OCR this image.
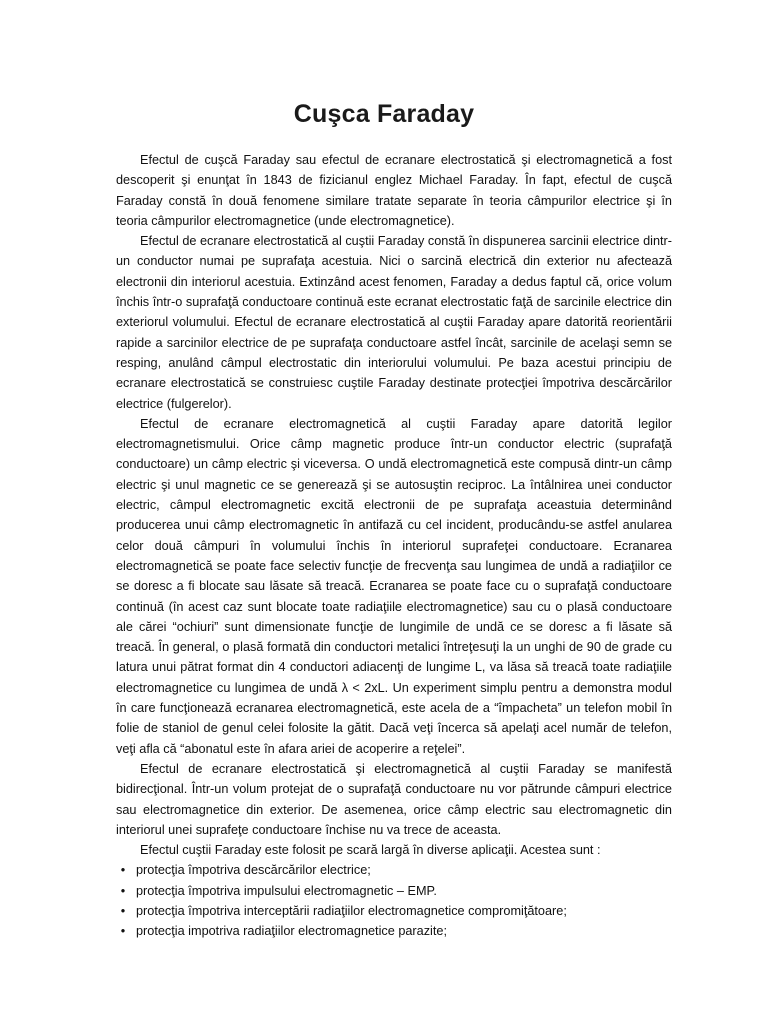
Cuşca Faraday

Efectul de cuşcă Faraday sau efectul de ecranare electrostatică şi electromagnetică a fost descoperit şi enunţat în 1843 de fizicianul englez Michael Faraday. În fapt, efectul de cuşcă Faraday constă în două fenomene similare tratate separate în teoria câmpurilor electrice şi în teoria câmpurilor electromagnetice (unde electromagnetice).

Efectul de ecranare electrostatică al cuştii Faraday constă în dispunerea sarcinii electrice dintr-un conductor numai pe suprafaţa acestuia. Nici o sarcină electrică din exterior nu afectează electronii din interiorul acestuia. Extinzând acest fenomen, Faraday a dedus faptul că, orice volum închis într-o suprafaţă conductoare continuă este ecranat electrostatic faţă de sarcinile electrice din exteriorul volumului. Efectul de ecranare electrostatică al cuştii Faraday apare datorită reorientării rapide a sarcinilor electrice de pe suprafaţa conductoare astfel încât, sarcinile de acelaşi semn se resping, anulând câmpul electrostatic din interiorului volumului. Pe baza acestui principiu de ecranare electrostatică se construiesc cuştile Faraday destinate protecţiei împotriva descărcărilor electrice (fulgerelor).

Efectul de ecranare electromagnetică al cuştii Faraday apare datorită legilor electromagnetismului. Orice câmp magnetic produce într-un conductor electric (suprafaţă conductoare) un câmp electric şi viceversa. O undă electromagnetică este compusă dintr-un câmp electric şi unul magnetic ce se generează şi se autosuştin reciproc. La întâlnirea unei conductor electric, câmpul electromagnetic excită electronii de pe suprafaţa aceastuia determinând producerea unui câmp electromagnetic în antifază cu cel incident, producându-se astfel anularea celor două câmpuri în volumului închis în interiorul suprafeţei conductoare. Ecranarea electromagnetică se poate face selectiv funcţie de frecvenţa sau lungimea de undă a radiaţiilor ce se doresc a fi blocate sau lăsate să treacă. Ecranarea se poate face cu o suprafaţă conductoare continuă (în acest caz sunt blocate toate radiaţiile electromagnetice) sau cu o plasă conductoare ale cărei “ochiuri” sunt dimensionate funcţie de lungimile de undă ce se doresc a fi lăsate să treacă. În general, o plasă formată din conductori metalici întreţesuţi la un unghi de 90 de grade cu latura unui pătrat format din 4 conductori adiacenţi de lungime L, va lăsa să treacă toate radiaţiile electromagnetice cu lungimea de undă λ < 2xL. Un experiment simplu pentru a demonstra modul în care funcţionează ecranarea electromagnetică, este acela de a “împacheta” un telefon mobil în folie de staniol de genul celei folosite la gătit. Dacă veţi încerca să apelaţi acel număr de telefon, veţi afla că “abonatul este în afara ariei de acoperire a reţelei”.

Efectul de ecranare electrostatică şi electromagnetică al cuştii Faraday se manifestă bidirecţional. Într-un volum protejat de o suprafaţă conductoare nu vor pătrunde câmpuri electrice sau electromagnetice din exterior. De asemenea, orice câmp electric sau electromagnetic din interiorul unei suprafeţe conductoare închise nu va trece de aceasta.

Efectul cuştii Faraday este folosit pe scară largă în diverse aplicaţii. Acestea sunt :

• protecţia împotriva descărcărilor electrice;
• protecţia împotriva impulsului electromagnetic – EMP.
• protecţia împotriva interceptării radiaţiilor electromagnetice compromiţătoare;
• protecţia impotriva radiaţiilor electromagnetice parazite;
